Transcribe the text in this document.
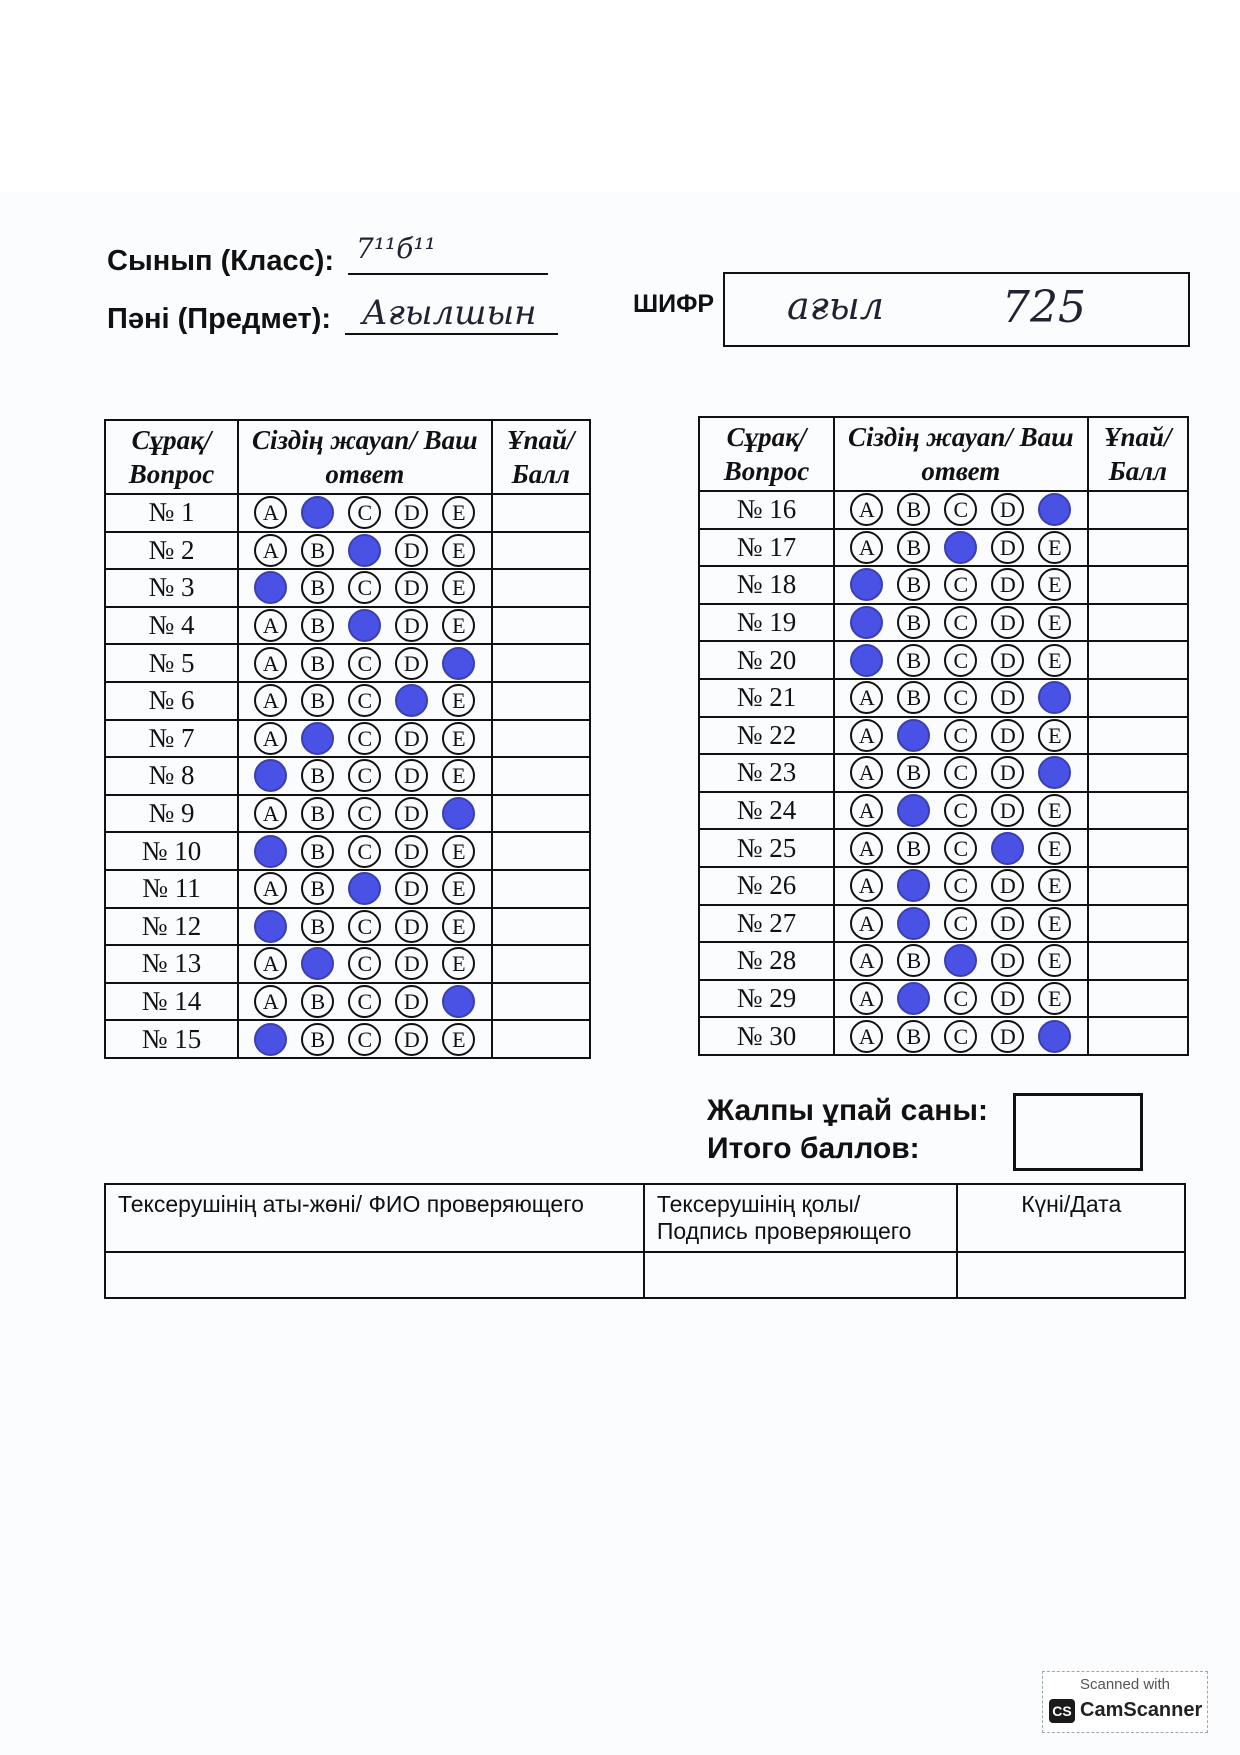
Сынып (Класс): 7¹¹б¹¹
Пәні (Предмет): Ағылшын	ШИФР ағыл	725
Сұрақ/ Вопрос	Сіздің жауап/ Ваш ответ	Ұпай/ Балл
№ 1	A C D E	
№ 2	A B D E	
№ 3	B C D E	
№ 4	A B D E	
№ 5	A B C D	
№ 6	A B C E	
№ 7	A C D E	
№ 8	B C D E	
№ 9	A B C D	
№ 10	B C D E	
№ 11	A B D E	
№ 12	B C D E	
№ 13	A C D E	
№ 14	A B C D	
№ 15	B C D E	
Сұрақ/ Вопрос	Сіздің жауап/ Ваш ответ	Ұпай/ Балл
№ 16	A B C D	
№ 17	A B D E	
№ 18	B C D E	
№ 19	B C D E	
№ 20	B C D E	
№ 21	A B C D	
№ 22	A C D E	
№ 23	A B C D	
№ 24	A C D E	
№ 25	A B C E	
№ 26	A C D E	
№ 27	A C D E	
№ 28	A B D E	
№ 29	A C D E	
№ 30	A B C D	
Жалпы ұпай саны:
Итого баллов:
Тексерушінің аты-жөні/ ФИО проверяющего	Тексерушінің қолы/ Подпись проверяющего	Күні/Дата

Scanned with
CS CamScanner
